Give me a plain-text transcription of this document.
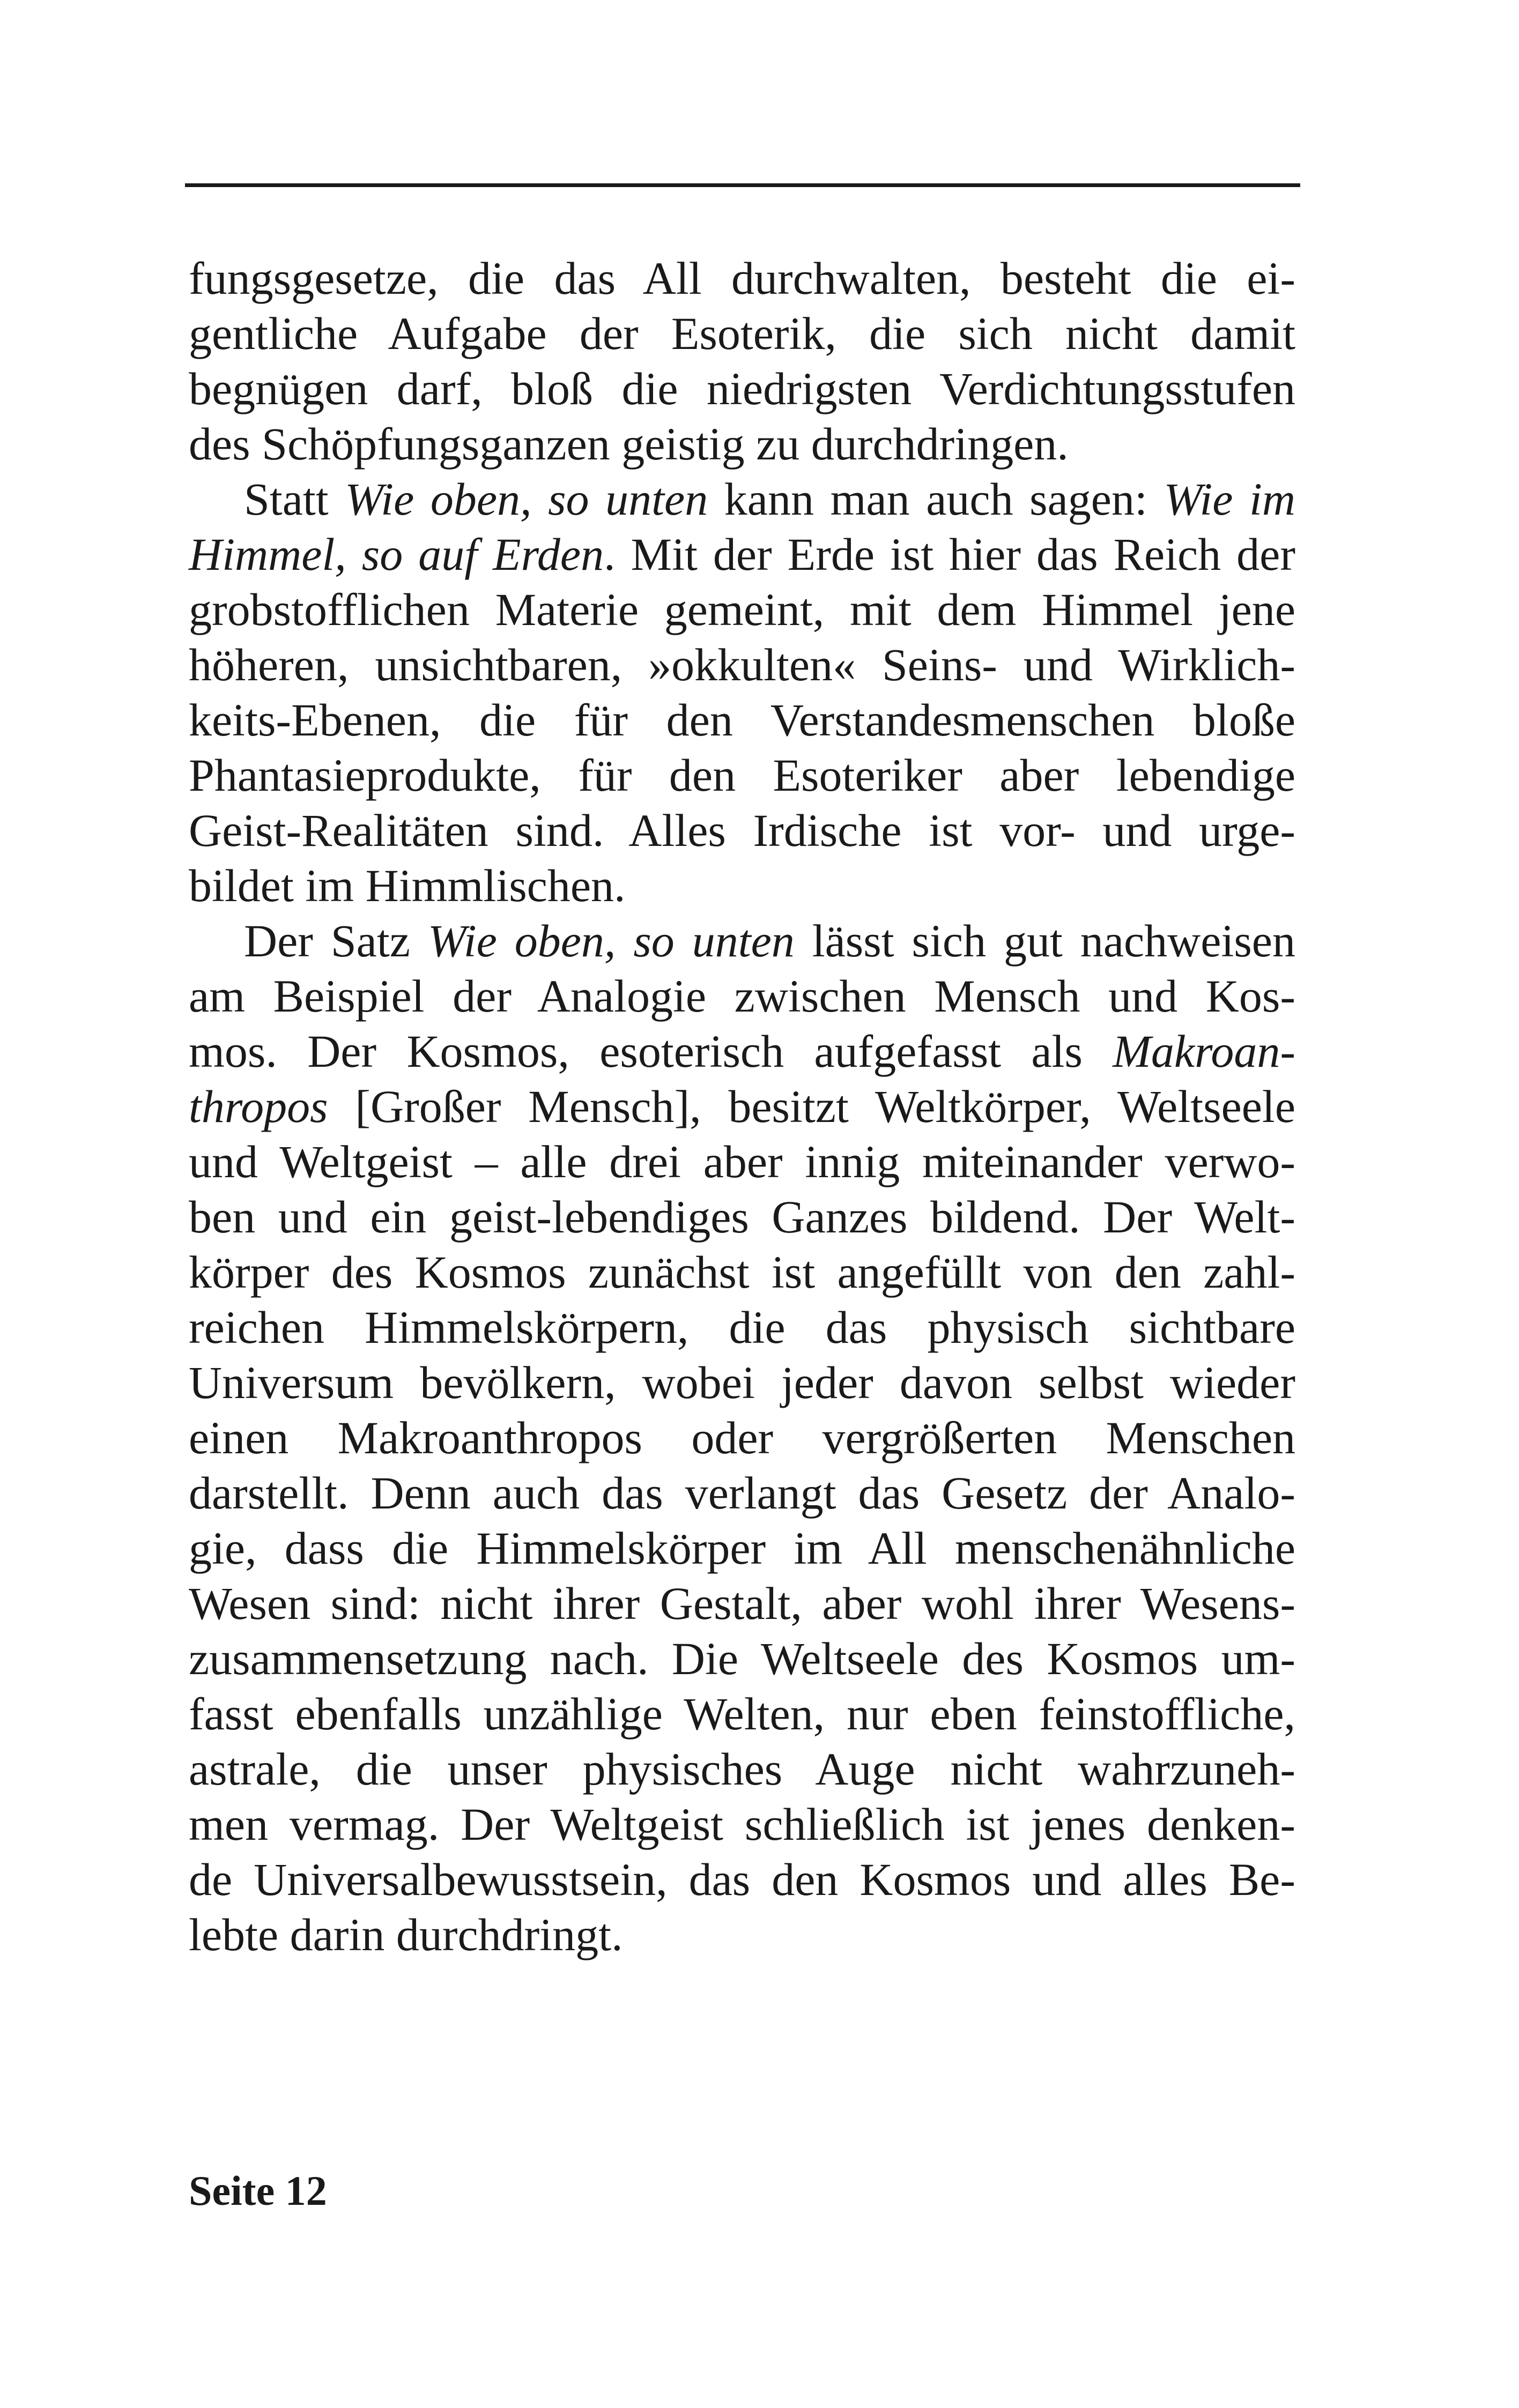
fungsgesetze, die das All durchwalten, besteht die ei-
gentliche Aufgabe der Esoterik, die sich nicht damit
begnügen darf, bloß die niedrigsten Verdichtungsstufen
des Schöpfungsganzen geistig zu durchdringen.
Statt Wie oben, so unten kann man auch sagen: Wie im
Himmel, so auf Erden. Mit der Erde ist hier das Reich der
grobstofflichen Materie gemeint, mit dem Himmel jene
höheren, unsichtbaren, »okkulten« Seins- und Wirklich-
keits-Ebenen, die für den Verstandesmenschen bloße
Phantasieprodukte, für den Esoteriker aber lebendige
Geist-Realitäten sind. Alles Irdische ist vor- und urge-
bildet im Himmlischen.
Der Satz Wie oben, so unten lässt sich gut nachweisen
am Beispiel der Analogie zwischen Mensch und Kos-
mos. Der Kosmos, esoterisch aufgefasst als Makroan-
thropos [Großer Mensch], besitzt Weltkörper, Weltseele
und Weltgeist – alle drei aber innig miteinander verwo-
ben und ein geist-lebendiges Ganzes bildend. Der Welt-
körper des Kosmos zunächst ist angefüllt von den zahl-
reichen Himmelskörpern, die das physisch sichtbare
Universum bevölkern, wobei jeder davon selbst wieder
einen Makroanthropos oder vergrößerten Menschen
darstellt. Denn auch das verlangt das Gesetz der Analo-
gie, dass die Himmelskörper im All menschenähnliche
Wesen sind: nicht ihrer Gestalt, aber wohl ihrer Wesens-
zusammensetzung nach. Die Weltseele des Kosmos um-
fasst ebenfalls unzählige Welten, nur eben feinstoffliche,
astrale, die unser physisches Auge nicht wahrzuneh-
men vermag. Der Weltgeist schließlich ist jenes denken-
de Universalbewusstsein, das den Kosmos und alles Be-
lebte darin durchdringt.
Seite 12
